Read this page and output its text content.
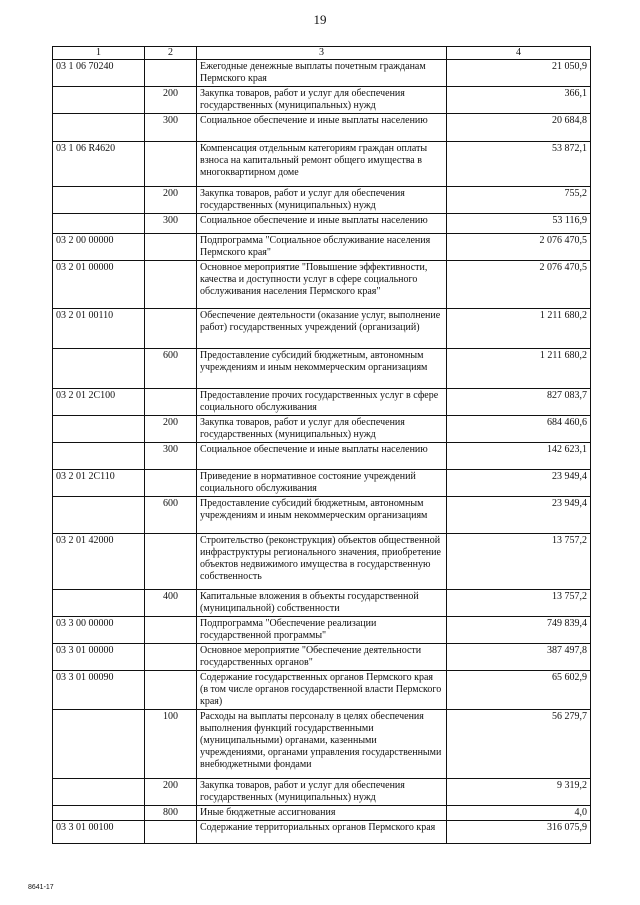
19
1	2	3	4
03 1 06 70240		Ежегодные денежные выплаты почетным гражданам Пермского края	21 050,9
	200	Закупка товаров, работ и услуг для обеспечения государственных (муниципальных) нужд	366,1
	300	Социальное обеспечение и иные выплаты населению	20 684,8
03 1 06 R4620		Компенсация отдельным категориям граждан оплаты взноса на капитальный ремонт общего имущества в многоквартирном доме	53 872,1
	200	Закупка товаров, работ и услуг для обеспечения государственных (муниципальных) нужд	755,2
	300	Социальное обеспечение и иные выплаты населению	53 116,9
03 2 00 00000		Подпрограмма "Социальное обслуживание населения Пермского края"	2 076 470,5
03 2 01 00000		Основное мероприятие "Повышение эффективности, качества и доступности услуг в сфере социального обслуживания населения Пермского края"	2 076 470,5
03 2 01 00110		Обеспечение деятельности (оказание услуг, выполнение работ) государственных учреждений (организаций)	1 211 680,2
	600	Предоставление субсидий бюджетным, автономным учреждениям и иным некоммерческим организациям	1 211 680,2
03 2 01 2С100		Предоставление прочих государственных услуг в сфере социального обслуживания	827 083,7
	200	Закупка товаров, работ и услуг для обеспечения государственных (муниципальных) нужд	684 460,6
	300	Социальное обеспечение и иные выплаты населению	142 623,1
03 2 01 2С110		Приведение в нормативное состояние учреждений социального обслуживания	23 949,4
	600	Предоставление субсидий бюджетным, автономным учреждениям и иным некоммерческим организациям	23 949,4
03 2 01 42000		Строительство (реконструкция) объектов общественной инфраструктуры регионального значения, приобретение объектов недвижимого имущества в государственную собственность	13 757,2
	400	Капитальные вложения в объекты государственной (муниципальной) собственности	13 757,2
03 3 00 00000		Подпрограмма "Обеспечение реализации государственной программы"	749 839,4
03 3 01 00000		Основное мероприятие "Обеспечение деятельности государственных органов"	387 497,8
03 3 01 00090		Содержание государственных органов Пермского края (в том числе органов государственной власти Пермского края)	65 602,9
	100	Расходы на выплаты персоналу в целях обеспечения выполнения функций государственными (муниципальными) органами, казенными учреждениями, органами управления государственными внебюджетными фондами	56 279,7
	200	Закупка товаров, работ и услуг для обеспечения государственных (муниципальных) нужд	9 319,2
	800	Иные бюджетные ассигнования	4,0
03 3 01 00100		Содержание территориальных органов Пермского края	316 075,9
8641-17
